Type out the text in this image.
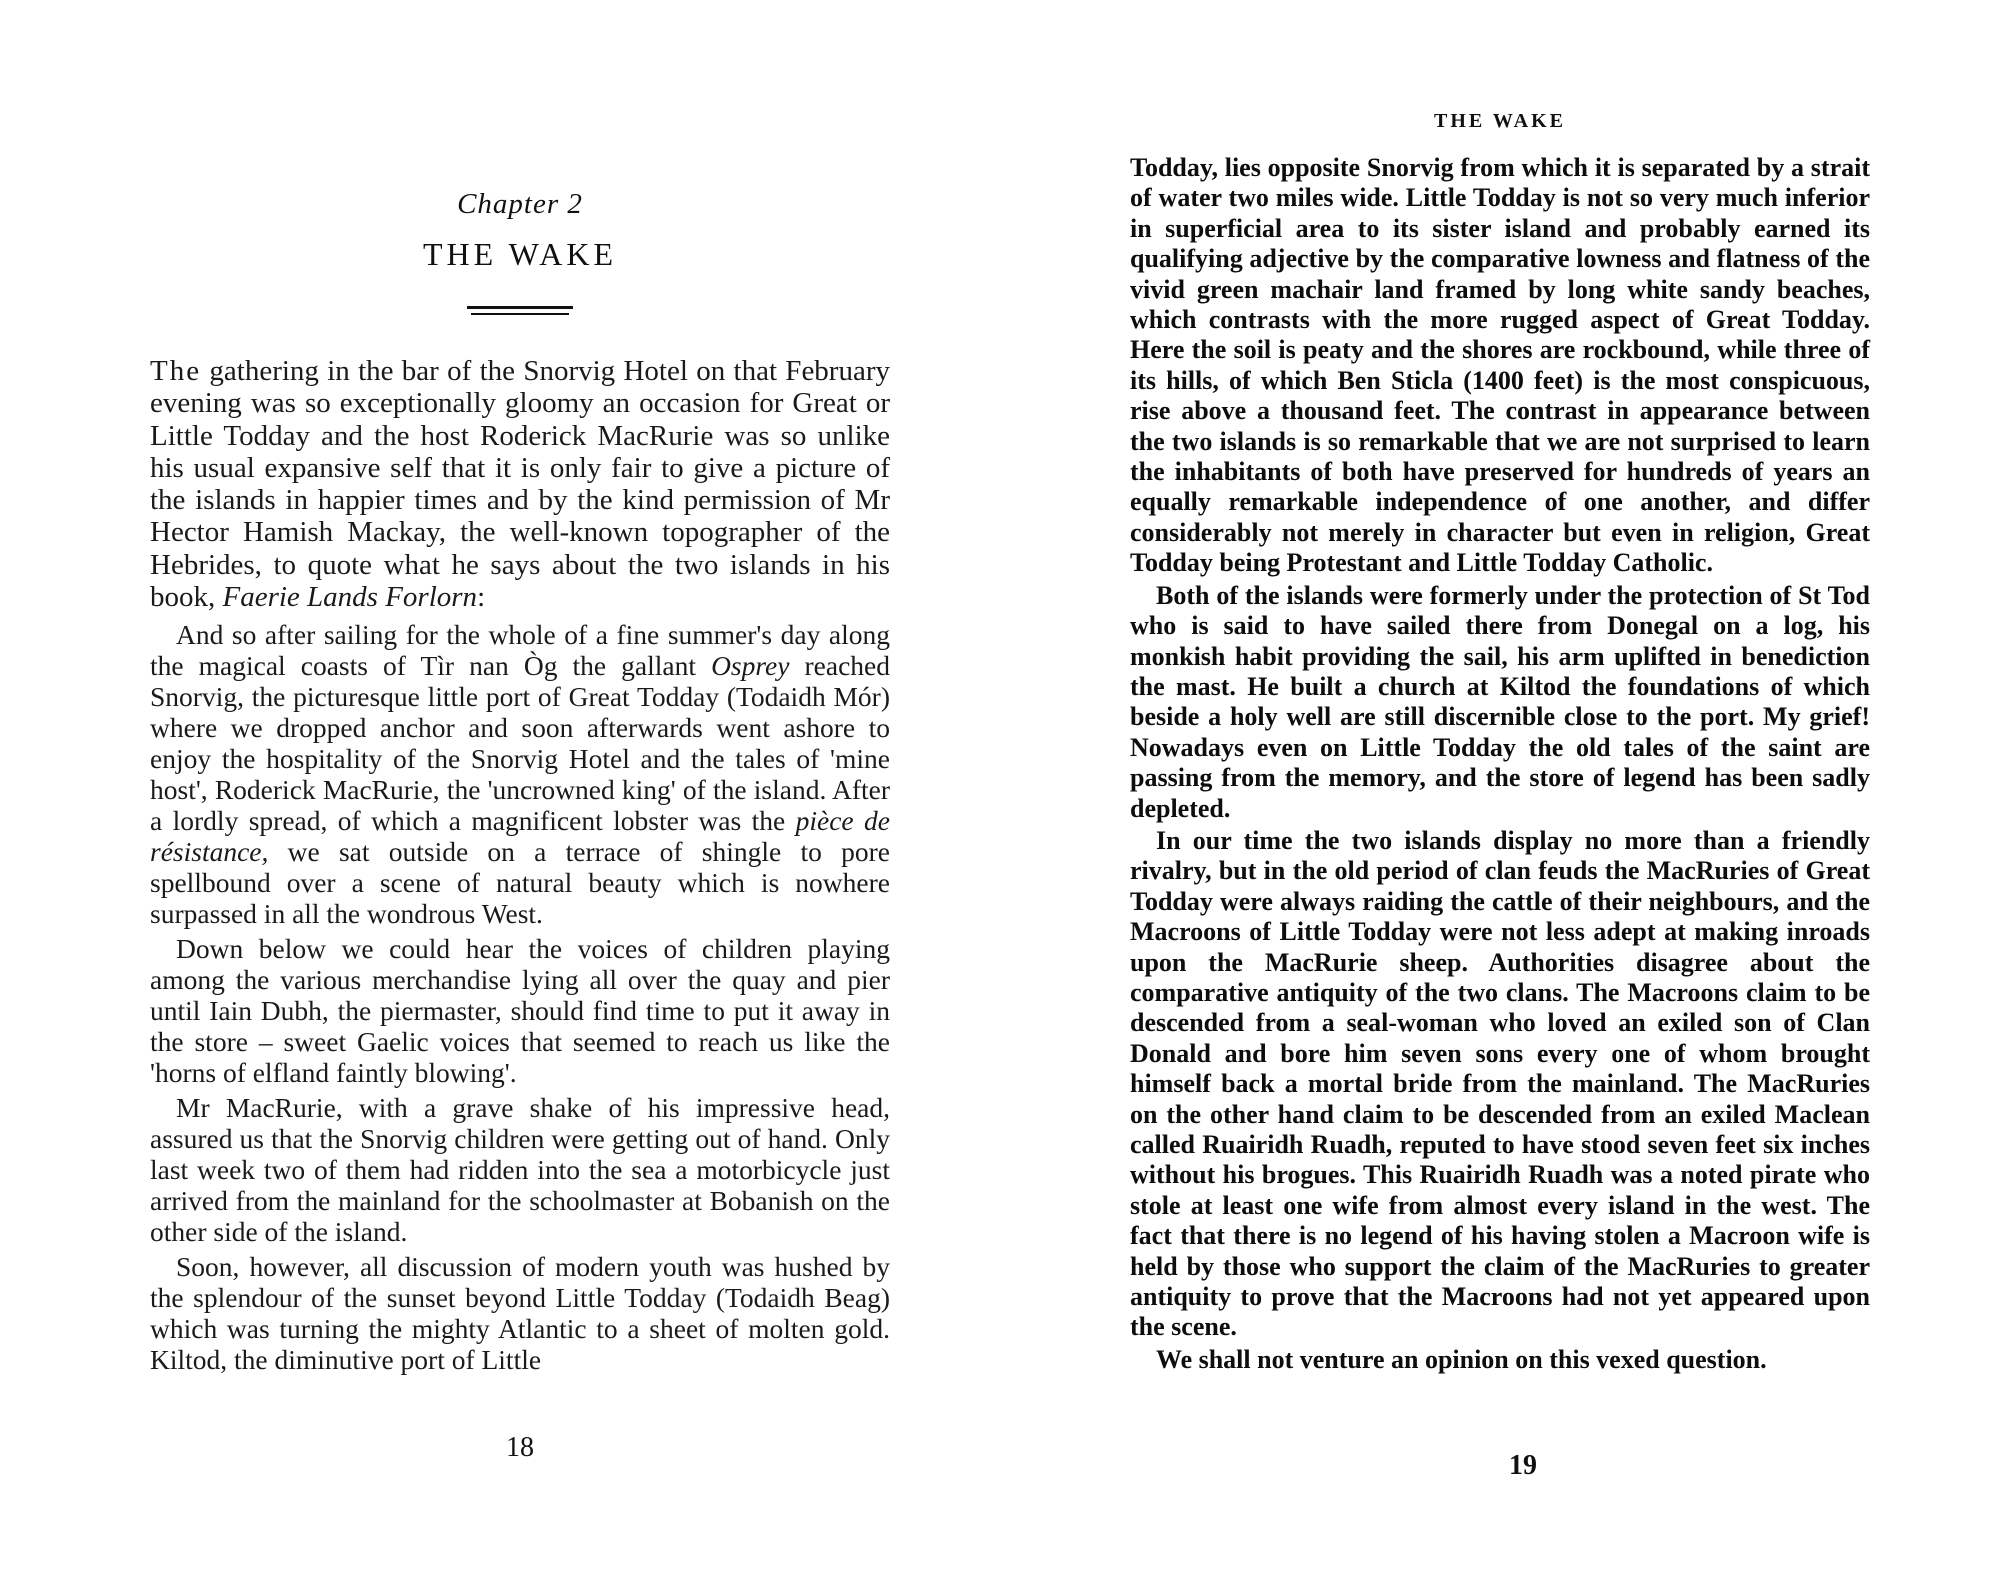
Chapter 2
THE WAKE

The gathering in the bar of the Snorvig Hotel on that February evening was so exceptionally gloomy an occasion for Great or Little Todday and the host Roderick MacRurie was so unlike his usual expansive self that it is only fair to give a picture of the islands in happier times and by the kind permission of Mr Hector Hamish Mackay, the well-known topographer of the Hebrides, to quote what he says about the two islands in his book, Faerie Lands Forlorn:

And so after sailing for the whole of a fine summer's day along the magical coasts of Tìr nan Òg the gallant Osprey reached Snorvig, the picturesque little port of Great Todday (Todaidh Mór) where we dropped anchor and soon afterwards went ashore to enjoy the hospitality of the Snorvig Hotel and the tales of 'mine host', Roderick MacRurie, the 'uncrowned king' of the island. After a lordly spread, of which a magnificent lobster was the pièce de résistance, we sat outside on a terrace of shingle to pore spellbound over a scene of natural beauty which is nowhere surpassed in all the wondrous West.

Down below we could hear the voices of children playing among the various merchandise lying all over the quay and pier until Iain Dubh, the piermaster, should find time to put it away in the store – sweet Gaelic voices that seemed to reach us like the 'horns of elfland faintly blowing'.

Mr MacRurie, with a grave shake of his impressive head, assured us that the Snorvig children were getting out of hand. Only last week two of them had ridden into the sea a motorbicycle just arrived from the mainland for the schoolmaster at Bobanish on the other side of the island.

Soon, however, all discussion of modern youth was hushed by the splendour of the sunset beyond Little Todday (Todaidh Beag) which was turning the mighty Atlantic to a sheet of molten gold. Kiltod, the diminutive port of Little

18
THE WAKE

Todday, lies opposite Snorvig from which it is separated by a strait of water two miles wide. Little Todday is not so very much inferior in superficial area to its sister island and probably earned its qualifying adjective by the comparative lowness and flatness of the vivid green machair land framed by long white sandy beaches, which contrasts with the more rugged aspect of Great Todday. Here the soil is peaty and the shores are rockbound, while three of its hills, of which Ben Sticla (1400 feet) is the most conspicuous, rise above a thousand feet. The contrast in appearance between the two islands is so remarkable that we are not surprised to learn the inhabitants of both have preserved for hundreds of years an equally remarkable independence of one another, and differ considerably not merely in character but even in religion, Great Todday being Protestant and Little Todday Catholic.

Both of the islands were formerly under the protection of St Tod who is said to have sailed there from Donegal on a log, his monkish habit providing the sail, his arm uplifted in benediction the mast. He built a church at Kiltod the foundations of which beside a holy well are still discernible close to the port. My grief! Nowadays even on Little Todday the old tales of the saint are passing from the memory, and the store of legend has been sadly depleted.

In our time the two islands display no more than a friendly rivalry, but in the old period of clan feuds the MacRuries of Great Todday were always raiding the cattle of their neighbours, and the Macroons of Little Todday were not less adept at making inroads upon the MacRurie sheep. Authorities disagree about the comparative antiquity of the two clans. The Macroons claim to be descended from a seal-woman who loved an exiled son of Clan Donald and bore him seven sons every one of whom brought himself back a mortal bride from the mainland. The MacRuries on the other hand claim to be descended from an exiled Maclean called Ruairidh Ruadh, reputed to have stood seven feet six inches without his brogues. This Ruairidh Ruadh was a noted pirate who stole at least one wife from almost every island in the west. The fact that there is no legend of his having stolen a Macroon wife is held by those who support the claim of the MacRuries to greater antiquity to prove that the Macroons had not yet appeared upon the scene.

We shall not venture an opinion on this vexed question.

19
